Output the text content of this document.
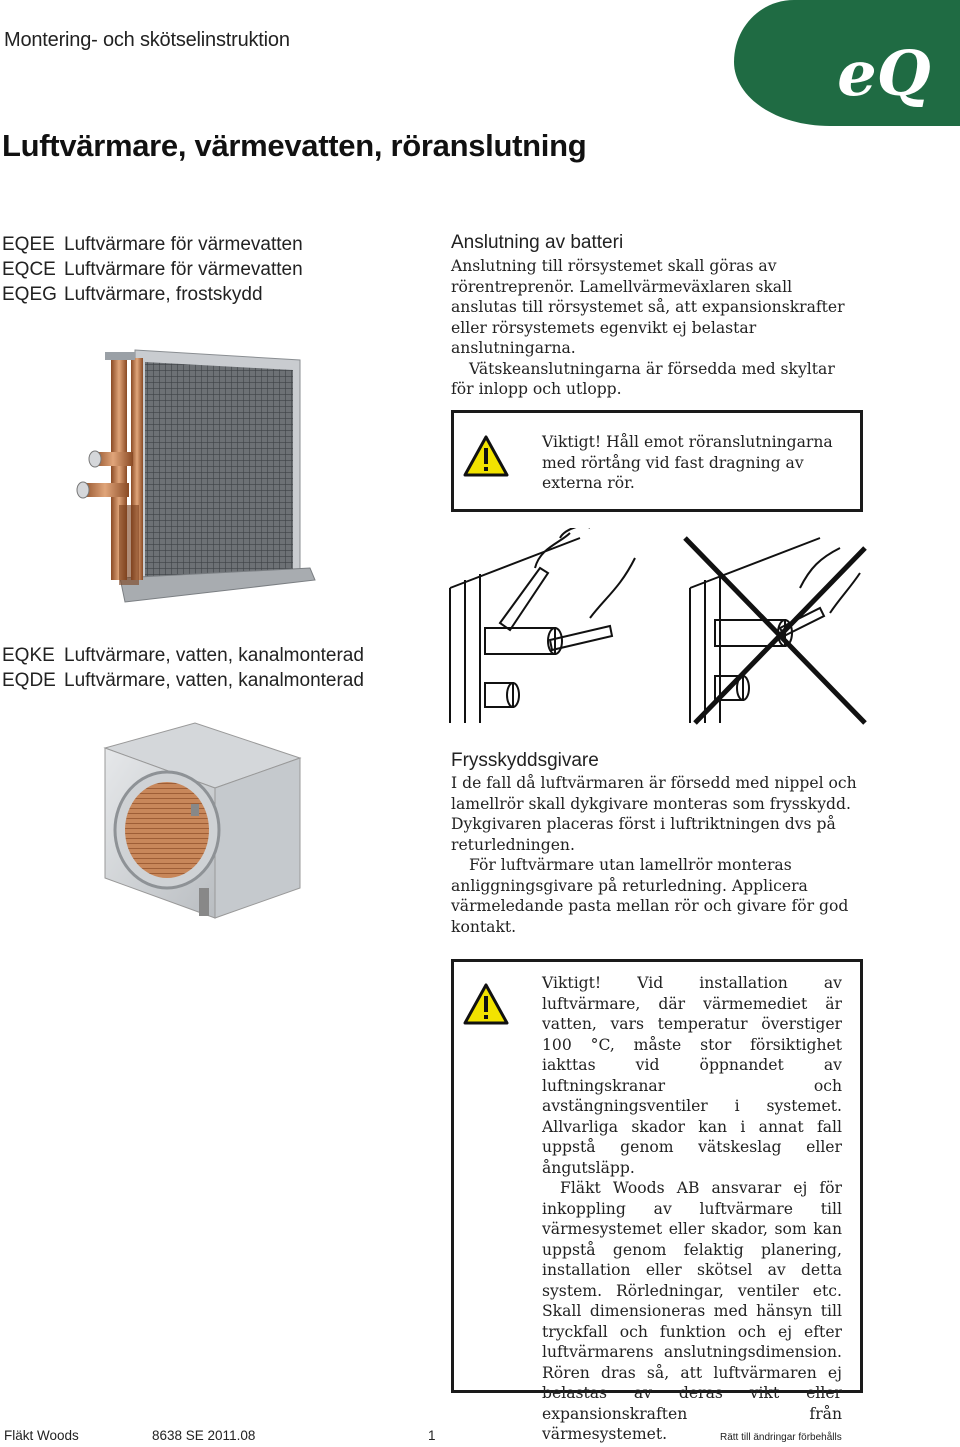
Montering- och skötselinstruktion	eQ
Luftvärmare, värmevatten, röranslutning
EQEE Luftvärmare för värmevatten
EQCE Luftvärmare för värmevatten
EQEG Luftvärmare, frostskydd
Anslutning av batteri

Anslutning till rörsystemet skall göras av rörentreprenör. Lamellvärmeväxlaren skall anslutas till rörsystemet så, att expansionskrafter eller rörsystemets egenvikt ej belastar anslutningarna.

Vätskeanslutningarna är försedda med skyltar för inlopp och utlopp.

Viktigt! Håll emot röranslutningarna med rörtång vid fast dragning av externa rör.
EQKE Luftvärmare, vatten, kanalmonterad
EQDE Luftvärmare, vatten, kanalmonterad
Frysskyddsgivare

I de fall då luftvärmaren är försedd med nippel och lamellrör skall dykgivare monteras som frysskydd. Dykgivaren placeras först i luftriktningen dvs på returledningen.

För luftvärmare utan lamellrör monteras anliggningsgivare på returledning. Applicera värmeledande pasta mellan rör och givare för god kontakt.

Viktigt! Vid installation av luftvärmare, där värmemediet är vatten, vars temperatur överstiger 100 °C, måste stor försiktighet iakttas vid öppnandet av luftningskranar och avstängningsventiler i systemet. Allvarliga skador kan i annat fall uppstå genom vätskeslag eller ångutsläpp.

Fläkt Woods AB ansvarar ej för inkoppling av luftvärmare till värmesystemet eller skador, som kan uppstå genom felaktig planering, installation eller skötsel av detta system. Rörledningar, ventiler etc. Skall dimensioneras med hänsyn till tryckfall och funktion och ej efter luftvärmarens anslutningsdimension. Rören dras så, att luftvärmaren ej belastas av deras vikt eller expansionskraften från värmesystemet.

Fläkt Woods	8638 SE 2011.08	1	Rätt till ändringar förbehålls
